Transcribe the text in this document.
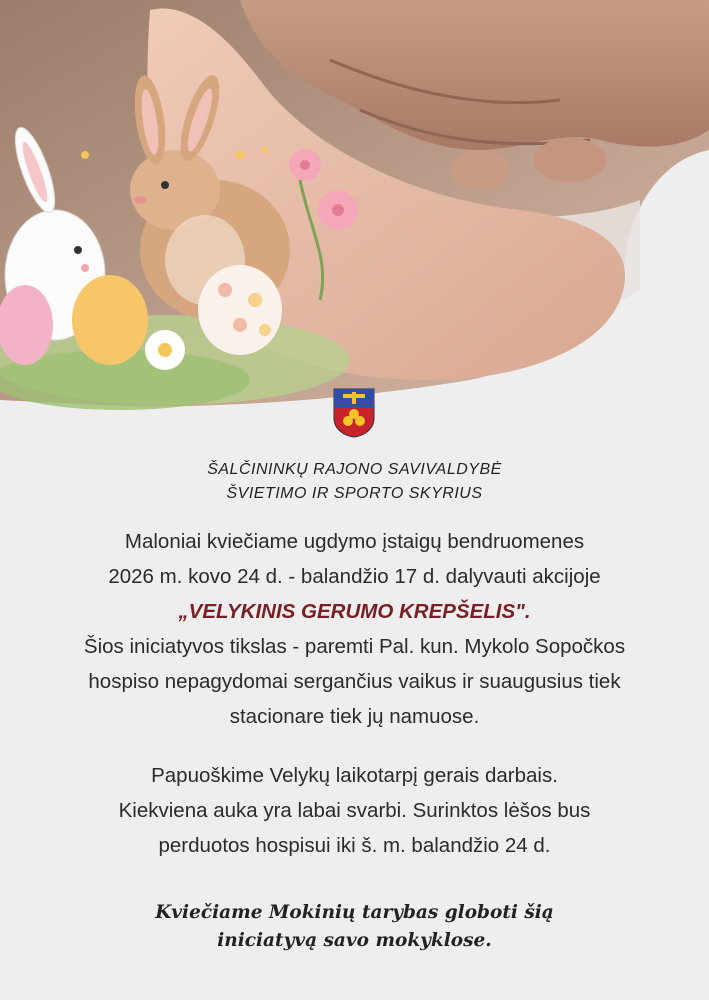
ŠALČININKŲ RAJONO SAVIVALDYBĖ
ŠVIETIMO IR SPORTO SKYRIUS

Maloniai kviečiame ugdymo įstaigų bendruomenes

2026 m. kovo 24 d. - balandžio 17 d. dalyvauti akcijoje

„VELYKINIS GERUMO KREPŠELIS".

Šios iniciatyvos tikslas - paremti Pal. kun. Mykolo Sopočkos

hospiso nepagydomai sergančius vaikus ir suaugusius tiek

stacionare tiek jų namuose.

Papuoškime Velykų laikotarpį gerais darbais.

Kiekviena auka yra labai svarbi. Surinktos lėšos bus

perduotos hospisui iki š. m. balandžio 24 d.

Kviečiame Mokinių tarybas globoti šią

iniciatyvą savo mokyklose.
